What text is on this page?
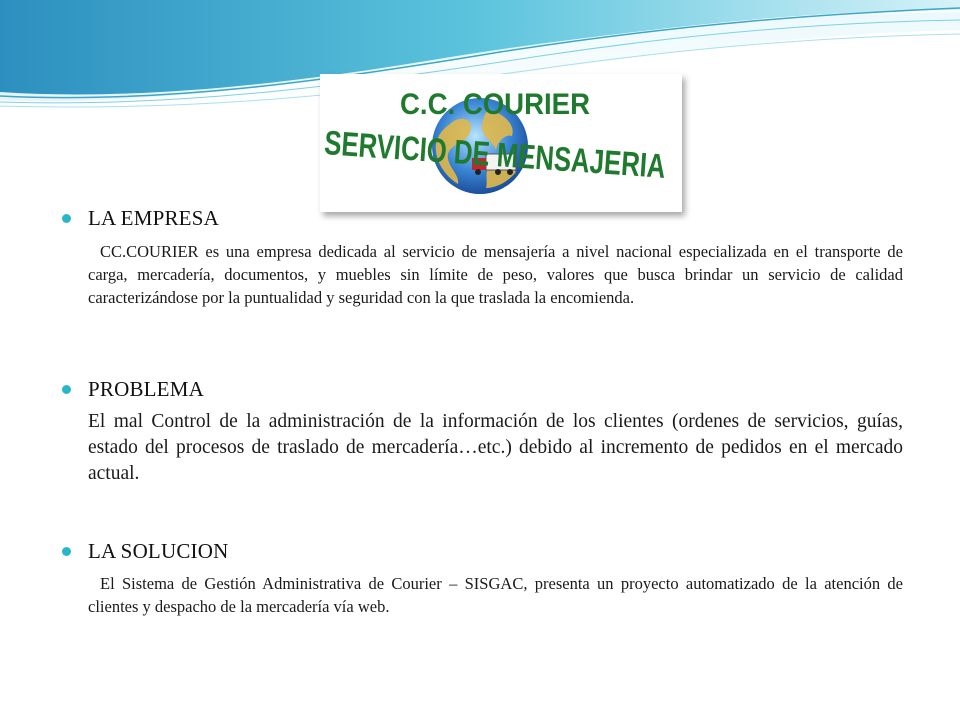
C.C. COURIER
SERVICIO DE MENSAJERIA
LA EMPRESA
CC.COURIER es una empresa dedicada al servicio de mensajería a nivel nacional especializada en el transporte de carga, mercadería, documentos, y muebles sin límite de peso, valores que busca brindar un servicio de calidad caracterizándose por la puntualidad y seguridad con la que traslada la encomienda.
PROBLEMA
El mal Control de la administración de la información de los clientes (ordenes de servicios, guías, estado del procesos de traslado de mercadería…etc.) debido al incremento de pedidos en el mercado actual.
LA SOLUCION
El Sistema de Gestión Administrativa de Courier – SISGAC, presenta un proyecto automatizado de la atención de clientes y despacho de la mercadería vía web.
